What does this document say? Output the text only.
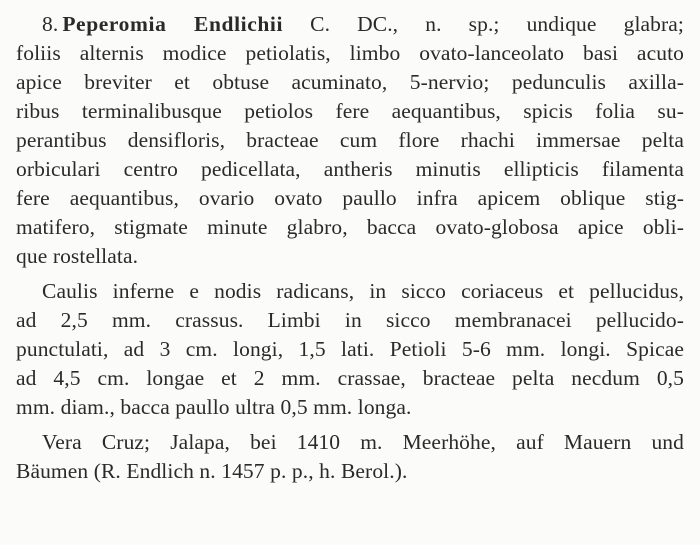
8. Peperomia Endlichii C. DC., n. sp.; undique glabra;
foliis alternis modice petiolatis, limbo ovato-lanceolato basi acuto
apice breviter et obtuse acuminato, 5-nervio; pedunculis axilla-
ribus terminalibusque petiolos fere aequantibus, spicis folia su-
perantibus densifloris, bracteae cum flore rhachi immersae pelta
orbiculari centro pedicellata, antheris minutis ellipticis filamenta
fere aequantibus, ovario ovato paullo infra apicem oblique stig-
matifero, stigmate minute glabro, bacca ovato-globosa apice obli-
que rostellata.
Caulis inferne e nodis radicans, in sicco coriaceus et pellucidus,
ad 2,5 mm. crassus. Limbi in sicco membranacei pellucido-
punctulati, ad 3 cm. longi, 1,5 lati. Petioli 5-6 mm. longi. Spicae
ad 4,5 cm. longae et 2 mm. crassae, bracteae pelta necdum 0,5
mm. diam., bacca paullo ultra 0,5 mm. longa.
Vera Cruz; Jalapa, bei 1410 m. Meerhöhe, auf Mauern und
Bäumen (R. Endlich n. 1457 p. p., h. Berol.).
